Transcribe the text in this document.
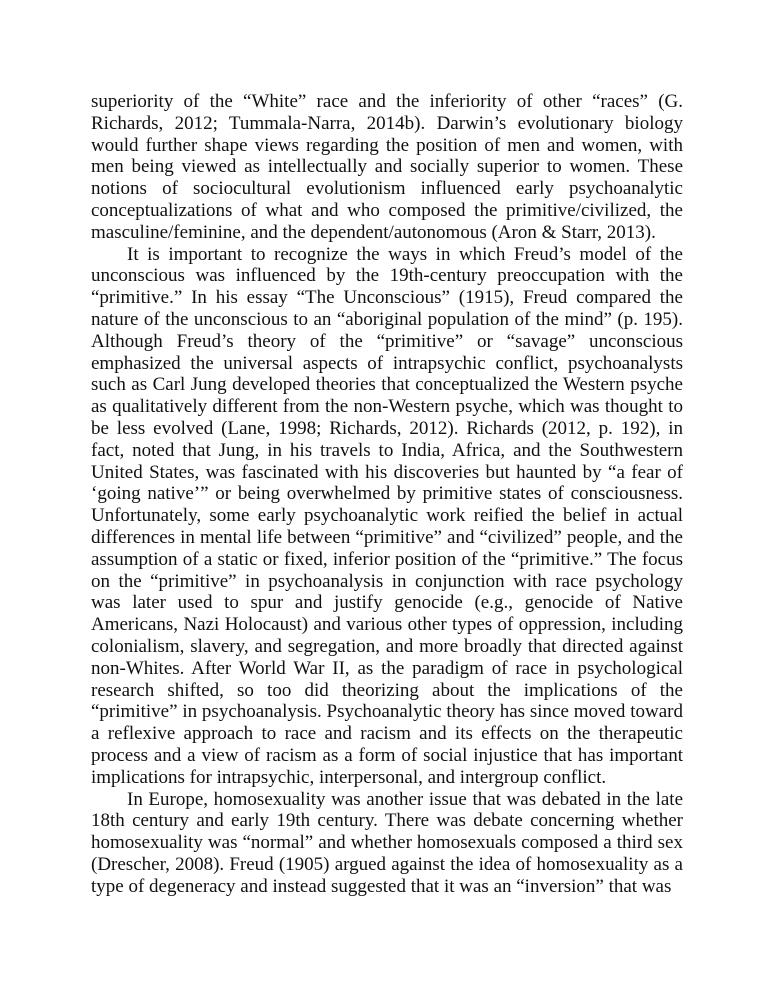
superiority of the “White” race and the inferiority of other “races” (G. Richards, 2012; Tummala-Narra, 2014b). Darwin’s evolutionary biology would further shape views regarding the position of men and women, with men being viewed as intellectually and socially superior to women. These notions of sociocultural evolutionism influenced early psychoanalytic conceptualizations of what and who composed the primitive/civilized, the masculine/feminine, and the dependent/autonomous (Aron & Starr, 2013).

It is important to recognize the ways in which Freud’s model of the unconscious was influenced by the 19th-century preoccupation with the “primitive.” In his essay “The Unconscious” (1915), Freud compared the nature of the unconscious to an “aboriginal population of the mind” (p. 195). Although Freud’s theory of the “primitive” or “savage” unconscious emphasized the universal aspects of intrapsychic conflict, psychoanalysts such as Carl Jung developed theories that conceptualized the Western psyche as qualitatively different from the non-Western psyche, which was thought to be less evolved (Lane, 1998; Richards, 2012). Richards (2012, p. 192), in fact, noted that Jung, in his travels to India, Africa, and the Southwestern United States, was fascinated with his discoveries but haunted by “a fear of ‘going native’” or being overwhelmed by primitive states of consciousness. Unfortunately, some early psychoanalytic work reified the belief in actual differences in mental life between “primitive” and “civilized” people, and the assumption of a static or fixed, inferior position of the “primitive.” The focus on the “primitive” in psychoanalysis in conjunction with race psychology was later used to spur and justify genocide (e.g., genocide of Native Americans, Nazi Holocaust) and various other types of oppression, including colonialism, slavery, and segregation, and more broadly that directed against non-Whites. After World War II, as the paradigm of race in psychological research shifted, so too did theorizing about the implications of the “primitive” in psychoanalysis. Psychoanalytic theory has since moved toward a reflexive approach to race and racism and its effects on the therapeutic process and a view of racism as a form of social injustice that has important implications for intrapsychic, interpersonal, and intergroup conflict.

In Europe, homosexuality was another issue that was debated in the late 18th century and early 19th century. There was debate concerning whether homosexuality was “normal” and whether homosexuals composed a third sex (Drescher, 2008). Freud (1905) argued against the idea of homosexuality as a type of degeneracy and instead suggested that it was an “inversion” that was
